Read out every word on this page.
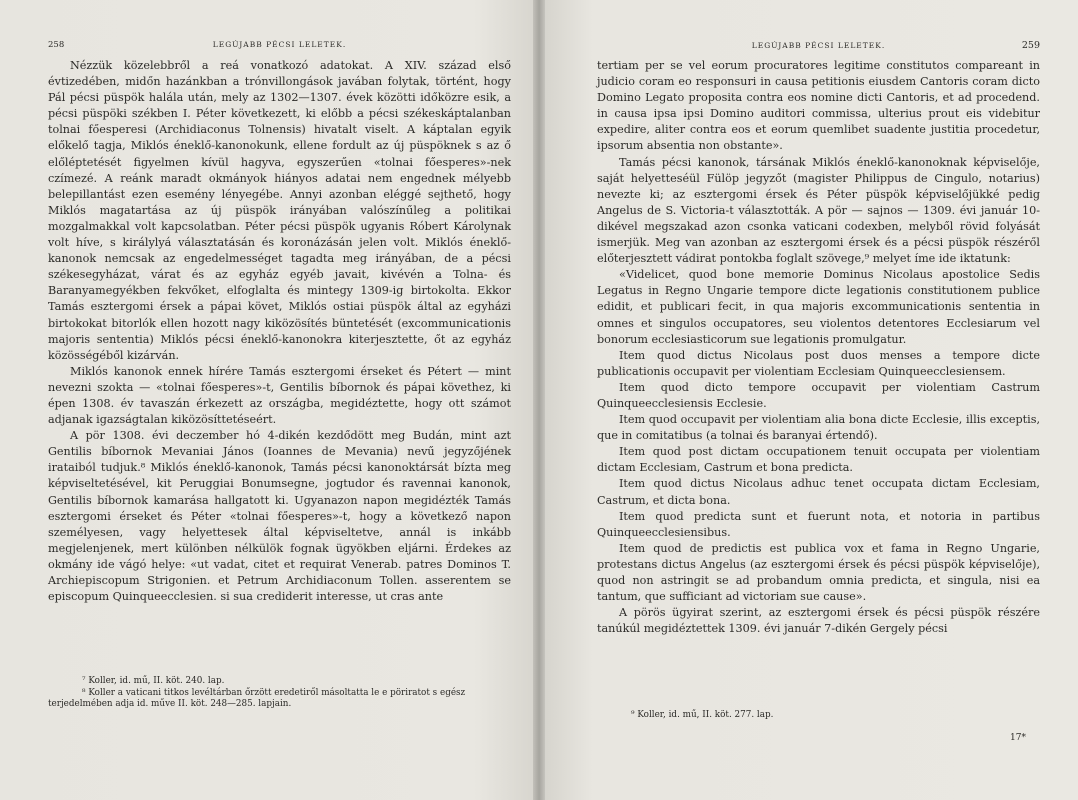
258	LEGÚJABB PÉCSI LELETEK.

Nézzük közelebbről a reá vonatkozó adatokat. A XIV. század első évtizedében, midőn hazánkban a trónvillongások javában folytak, történt, hogy Pál pécsi püspök halála után, mely az 1302—1307. évek közötti időközre esik, a pécsi püspöki székben I. Péter következett, ki előbb a pécsi székeskáptalanban tolnai főesperesi (Archidiaconus Tolnensis) hivatalt viselt. A káptalan egyik előkelő tagja, Miklós éneklő-kanonokunk, ellene fordult az új püspöknek s az ő előléptetését figyelmen kívül hagyva, egyszerűen «tolnai főesperes»-nek czímezé. A reánk maradt okmányok hiányos adatai nem engednek mélyebb belepillantást ezen esemény lényegébe. Annyi azonban eléggé sejthető, hogy Miklós magatartása az új püspök irányában valószínűleg a politikai mozgalmakkal volt kapcsolatban. Péter pécsi püspök ugyanis Róbert Károlynak volt híve, s királylyá választatásán és koronázásán jelen volt. Miklós éneklő-kanonok nemcsak az engedelmességet tagadta meg irányában, de a pécsi székesegyházat, várat és az egyház egyéb javait, kivévén a Tolna- és Baranyamegyékben fekvőket, elfoglalta és mintegy 1309-ig birtokolta. Ekkor Tamás esztergomi érsek a pápai követ, Miklós ostiai püspök által az egyházi birtokokat bitorlók ellen hozott nagy kiközösítés büntetését (excommunicationis majoris sententia) Miklós pécsi éneklő-kanonokra kiterjesztette, őt az egyház közösségéből kizárván.

Miklós kanonok ennek hírére Tamás esztergomi érseket és Pétert — mint nevezni szokta — «tolnai főesperes»-t, Gentilis bíbornok és pápai követhez, ki épen 1308. év tavaszán érkezett az országba, megidéztette, hogy ott számot adjanak igazságtalan kiközösíttetéseért.

A pör 1308. évi deczember hó 4-dikén kezdődött meg Budán, mint azt Gentilis bíbornok Mevaniai János (Ioannes de Mevania) nevű jegyzőjének irataiból tudjuk.⁸ Miklós éneklő-kanonok, Tamás pécsi kanonoktársát bízta meg képviseltetésével, kit Peruggiai Bonumsegne, jogtudor és ravennai kanonok, Gentilis bíbornok kamarása hallgatott ki. Ugyanazon napon megidézték Tamás esztergomi érseket és Péter «tolnai főesperes»-t, hogy a következő napon személyesen, vagy helyettesek által képviseltetve, annál is inkább megjelenjenek, mert különben nélkülök fognak ügyökben eljárni. Érdekes az okmány ide vágó helye: «ut vadat, citet et requirat Venerab. patres Dominos T. Archiepiscopum Strigonien. et Petrum Archidiaconum Tollen. asserentem se episcopum Quinqueecclesien. si sua crediderit interesse, ut cras ante

⁷ Koller, id. mű, II. köt. 240. lap.

⁸ Koller a vaticani titkos levéltárban őrzött eredetiről másoltatta le e pöriratot s egész terjedelmében adja id. műve II. köt. 248—285. lapjain.

LEGÚJABB PÉCSI LELETEK.	259

tertiam per se vel eorum procuratores legitime constitutos compareant in judicio coram eo responsuri in causa petitionis eiusdem Cantoris coram dicto Domino Legato proposita contra eos nomine dicti Cantoris, et ad procedend. in causa ipsa ipsi Domino auditori commissa, ulterius prout eis videbitur expedire, aliter contra eos et eorum quemlibet suadente justitia procedetur, ipsorum absentia non obstante».

Tamás pécsi kanonok, társának Miklós éneklő-kanonoknak képviselője, saját helyetteséül Fülöp jegyzőt (magister Philippus de Cingulo, notarius) nevezte ki; az esztergomi érsek és Péter püspök képviselőjükké pedig Angelus de S. Victoria-t választották. A pör — sajnos — 1309. évi január 10-dikével megszakad azon csonka vaticani codexben, melyből rövid folyását ismerjük. Meg van azonban az esztergomi érsek és a pécsi püspök részéről előterjesztett vádirat pontokba foglalt szövege,⁹ melyet íme ide iktatunk:

«Videlicet, quod bone memorie Dominus Nicolaus apostolice Sedis Legatus in Regno Ungarie tempore dicte legationis constitutionem publice edidit, et publicari fecit, in qua majoris excommunicationis sententia in omnes et singulos occupatores, seu violentos detentores Ecclesiarum vel bonorum ecclesiasticorum sue legationis promulgatur.

Item quod dictus Nicolaus post duos menses a tempore dicte publicationis occupavit per violentiam Ecclesiam Quinqueecclesiensem.

Item quod dicto tempore occupavit per violentiam Castrum Quinqueecclesiensis Ecclesie.

Item quod occupavit per violentiam alia bona dicte Ecclesie, illis exceptis, que in comitatibus (a tolnai és baranyai értendő).

Item quod post dictam occupationem tenuit occupata per violentiam dictam Ecclesiam, Castrum et bona predicta.

Item quod dictus Nicolaus adhuc tenet occupata dictam Ecclesiam, Castrum, et dicta bona.

Item quod predicta sunt et fuerunt nota, et notoria in partibus Quinqueecclesiensibus.

Item quod de predictis est publica vox et fama in Regno Ungarie, protestans dictus Angelus (az esztergomi érsek és pécsi püspök képviselője), quod non astringit se ad probandum omnia predicta, et singula, nisi ea tantum, que sufficiant ad victoriam sue cause».

A pörös ügyirat szerint, az esztergomi érsek és pécsi püspök részére tanúkúl megidéztettek 1309. évi január 7-dikén Gergely pécsi

⁹ Koller, id. mű, II. köt. 277. lap.

17*
